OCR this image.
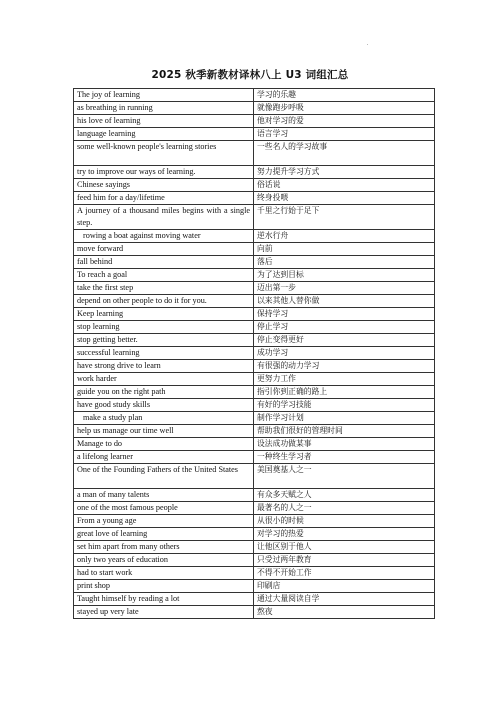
2025 秋季新教材译林八上 U3 词组汇总
The joy of learning	学习的乐趣
as breathing in running	就像跑步呼吸
his love of learning	他对学习的爱
language learning	语言学习
some well-known people's learning stories	一些名人的学习故事
try to improve our ways of learning.	努力提升学习方式
Chinese sayings	俗话说
feed him for a day/lifetime	终身投喂
A journey of a thousand miles begins with a single step.	千里之行始于足下
rowing a boat against moving water	逆水行舟
move forward	向前
fall behind	落后
To reach a goal	为了达到目标
take the first step	迈出第一步
depend on other people to do it for you.	以来其他人替你做
Keep learning	保持学习
stop learning	停止学习
stop getting better.	停止变得更好
successful learning	成功学习
have strong drive to learn	有很强的动力学习
work harder	更努力工作
guide you on the right path	指引你到正确的路上
have good study skills	有好的学习技能
make a study plan	制作学习计划
help us manage our time well	帮助我们很好的管理时间
Manage to do	设法成功做某事
a lifelong learner	一种终生学习者
One of the Founding Fathers of the United States	美国奠基人之一
a man of many talents	有众多天赋之人
one of the most famous people	最著名的人之一
From a young age	从很小的时候
great love of learning	对学习的热爱
set him apart from many others	让他区别于他人
only two years of education	只受过两年教育
had to start work	不得不开始工作
print shop	印刷店
Taught himself by reading a lot	通过大量阅读自学
stayed up very late	熬夜
